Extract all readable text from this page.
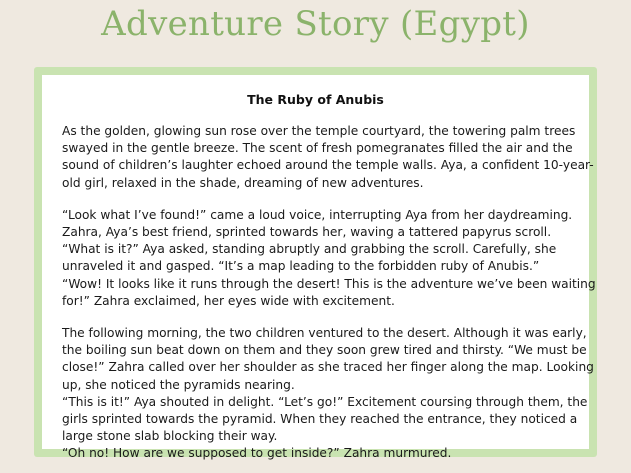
Adventure Story (Egypt)
The Ruby of Anubis
As the golden, glowing sun rose over the temple courtyard, the towering palm trees
swayed in the gentle breeze. The scent of fresh pomegranates filled the air and the
sound of children’s laughter echoed around the temple walls. Aya, a confident 10-year-
old girl, relaxed in the shade, dreaming of new adventures.
“Look what I’ve found!” came a loud voice, interrupting Aya from her daydreaming.
Zahra, Aya’s best friend, sprinted towards her, waving a tattered papyrus scroll.
“What is it?” Aya asked, standing abruptly and grabbing the scroll. Carefully, she
unraveled it and gasped. “It’s a map leading to the forbidden ruby of Anubis.”
“Wow! It looks like it runs through the desert! This is the adventure we’ve been waiting
for!” Zahra exclaimed, her eyes wide with excitement.
The following morning, the two children ventured to the desert. Although it was early,
the boiling sun beat down on them and they soon grew tired and thirsty. “We must be
close!” Zahra called over her shoulder as she traced her finger along the map. Looking
up, she noticed the pyramids nearing.
“This is it!” Aya shouted in delight. “Let’s go!” Excitement coursing through them, the
girls sprinted towards the pyramid. When they reached the entrance, they noticed a
large stone slab blocking their way.
“Oh no! How are we supposed to get inside?” Zahra murmured.
